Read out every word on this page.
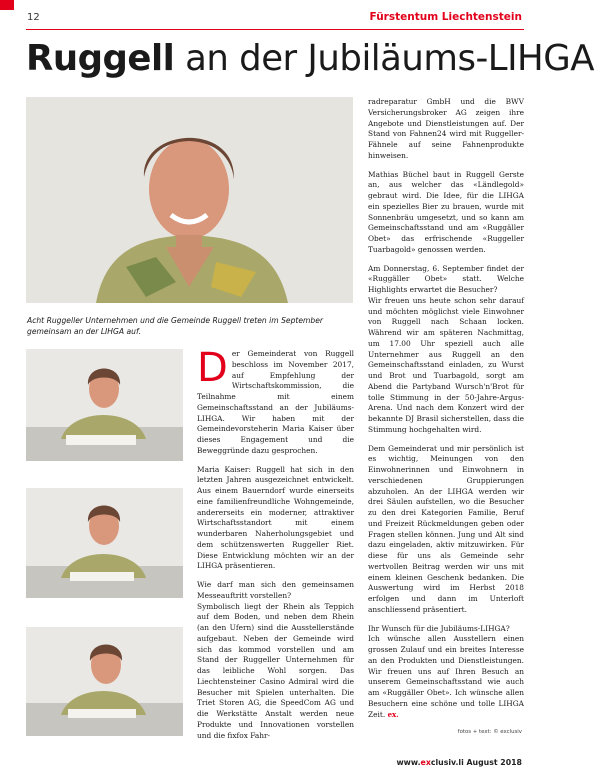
12	Fürstentum Liechtenstein
Ruggell an der Jubiläums-LIHGA
Acht Ruggeller Unternehmen und die Gemeinde Ruggell treten im September gemeinsam an der LIHGA auf.

Der Gemeinderat von Ruggell beschloss im November 2017, auf Empfehlung der Wirtschaftskommission, die Teilnahme mit einem Gemeinschaftsstand an der Jubiläums-LIHGA. Wir haben mit der Gemeindevorsteherin Maria Kaiser über dieses Engagement und die Beweggründe dazu gesprochen.

Maria Kaiser: Ruggell hat sich in den letzten Jahren ausgezeichnet entwickelt. Aus einem Bauerndorf wurde einerseits eine familienfreundliche Wohngemeinde, andererseits ein moderner, attraktiver Wirtschaftsstandort mit einem wunderbaren Naherholungsgebiet und dem schützenswerten Ruggeller Riet. Diese Entwicklung möchten wir an der LIHGA präsentieren.

Wie darf man sich den gemeinsamen Messeauftritt vorstellen?

Symbolisch liegt der Rhein als Teppich auf dem Boden, und neben dem Rhein (an den Ufern) sind die Ausstellerstände aufgebaut. Neben der Gemeinde wird sich das kommod vorstellen und am Stand der Ruggeller Unternehmen für das leibliche Wohl sorgen. Das Liechtensteiner Casino Admiral wird die Besucher mit Spielen unterhalten. Die Triet Storen AG, die SpeedCom AG und die Werkstätte Anstalt werden neue Produkte und Innovationen vorstellen und die fixfox Fahr-

radreparatur GmbH und die BWV Versicherungsbroker AG zeigen ihre Angebote und Dienstleistungen auf. Der Stand von Fahnen24 wird mit Ruggeller-Fähnele auf seine Fahnenprodukte hinweisen.

Mathias Büchel baut in Ruggell Gerste an, aus welcher das «Ländlegold» gebraut wird. Die Idee, für die LIHGA ein spezielles Bier zu brauen, wurde mit Sonnenbräu umgesetzt, und so kann am Gemeinschaftsstand und am «Ruggäller Obet» das erfrischende «Ruggeller Tuarbagold» genossen werden.

Am Donnerstag, 6. September findet der «Ruggäller Obet» statt. Welche Highlights erwartet die Besucher?

Wir freuen uns heute schon sehr darauf und möchten möglichst viele Einwohner von Ruggell nach Schaan locken. Während wir am späteren Nachmittag, um 17.00 Uhr speziell auch alle Unternehmer aus Ruggell an den Gemeinschaftsstand einladen, zu Wurst und Brot und Tuarbagold, sorgt am Abend die Partyband Wursch'n'Brot für tolle Stimmung in der 50-Jahre-Argus-Arena. Und nach dem Konzert wird der bekannte DJ Brasil sicherstellen, dass die Stimmung hochgehalten wird.

Dem Gemeinderat und mir persönlich ist es wichtig, Meinungen von den Einwohnerinnen und Einwohnern in verschiedenen Gruppierungen abzuholen. An der LIHGA werden wir drei Säulen aufstellen, wo die Besucher zu den drei Kategorien Familie, Beruf und Freizeit Rückmeldungen geben oder Fragen stellen können. Jung und Alt sind dazu eingeladen, aktiv mitzuwirken. Für diese für uns als Gemeinde sehr wertvollen Beitrag werden wir uns mit einem kleinen Geschenk bedanken. Die Auswertung wird im Herbst 2018 erfolgen und dann im Unterloft anschliessend präsentiert.

Ihr Wunsch für die Jubiläums-LIHGA?

Ich wünsche allen Ausstellern einen grossen Zulauf und ein breites Interesse an den Produkten und Dienstleistungen. Wir freuen uns auf Ihren Besuch an unserem Gemeinschaftsstand wie auch am «Ruggäller Obet». Ich wünsche allen Besuchern eine schöne und tolle LIHGA Zeit. ex.

fotos + text: © exclusiv
www.exclusiv.li August 2018
